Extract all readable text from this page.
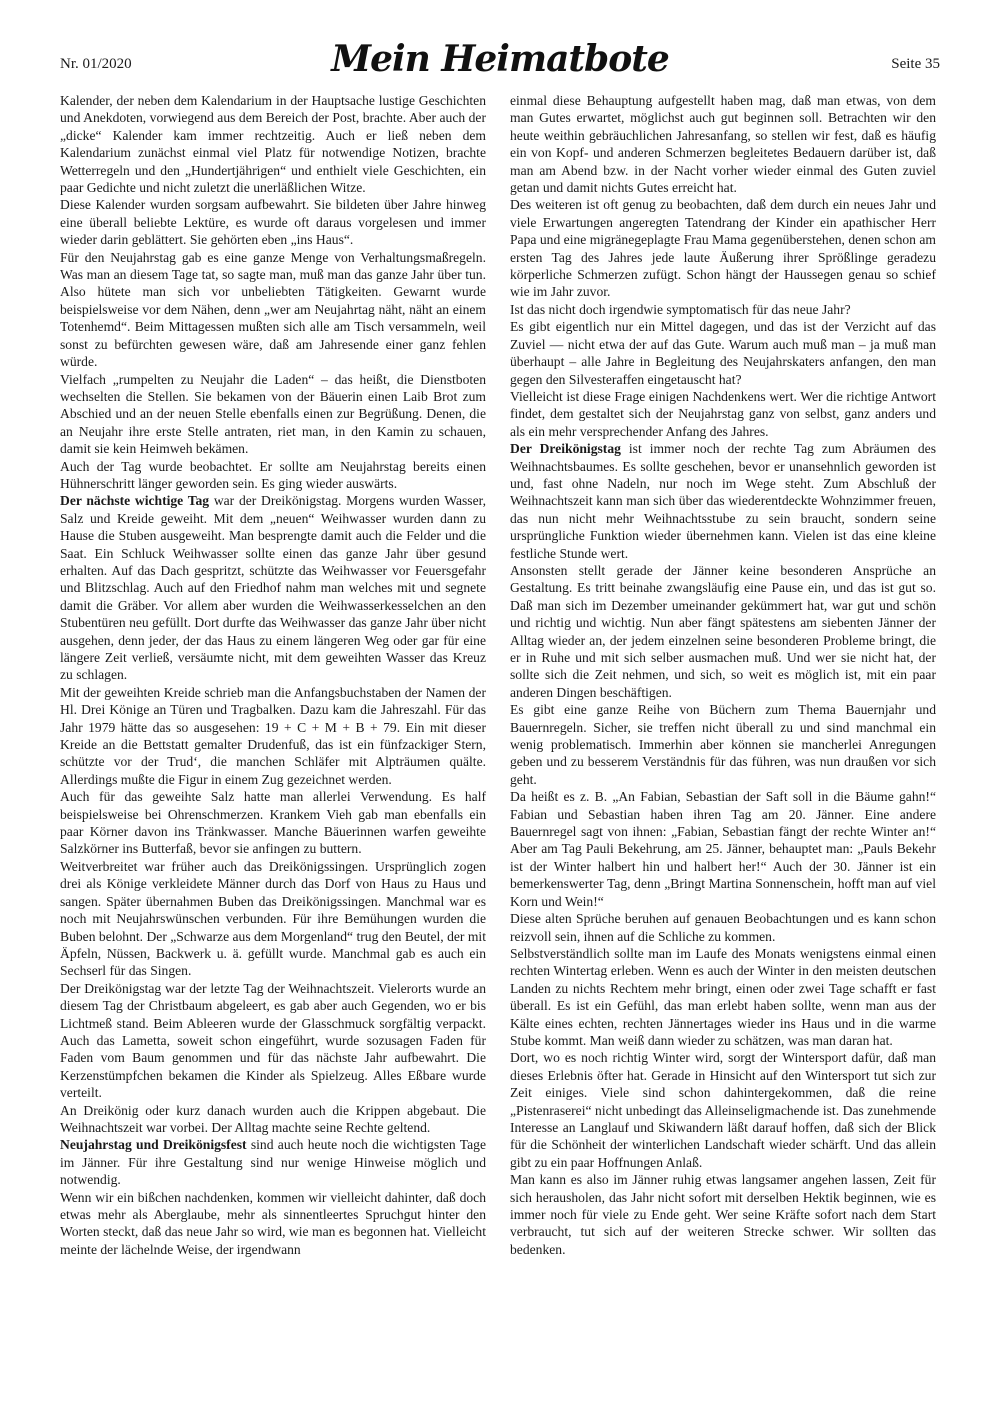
Nr. 01/2020	Mein Heimatbote	Seite 35

Kalender, der neben dem Kalendarium in der Hauptsache lustige Geschichten und Anekdoten, vorwiegend aus dem Bereich der Post, brachte. Aber auch der „dicke“ Kalender kam immer rechtzeitig. Auch er ließ neben dem Kalendarium zunächst einmal viel Platz für notwendige Notizen, brachte Wetterregeln und den „Hundertjährigen“ und enthielt viele Geschichten, ein paar Gedichte und nicht zuletzt die unerläßlichen Witze.

Diese Kalender wurden sorgsam aufbewahrt. Sie bildeten über Jahre hinweg eine überall beliebte Lektüre, es wurde oft daraus vorgelesen und immer wieder darin geblättert. Sie gehörten eben „ins Haus“.

Für den Neujahrstag gab es eine ganze Menge von Verhaltungsmaßregeln. Was man an diesem Tage tat, so sagte man, muß man das ganze Jahr über tun. Also hütete man sich vor unbeliebten Tätigkeiten. Gewarnt wurde beispielsweise vor dem Nähen, denn „wer am Neujahrtag näht, näht an einem Totenhemd“. Beim Mittagessen mußten sich alle am Tisch versammeln, weil sonst zu befürchten gewesen wäre, daß am Jahresende einer ganz fehlen würde.

Vielfach „rumpelten zu Neujahr die Laden“ – das heißt, die Dienstboten wechselten die Stellen. Sie bekamen von der Bäuerin einen Laib Brot zum Abschied und an der neuen Stelle ebenfalls einen zur Begrüßung. Denen, die an Neujahr ihre erste Stelle antraten, riet man, in den Kamin zu schauen, damit sie kein Heimweh bekämen.

Auch der Tag wurde beobachtet. Er sollte am Neujahrstag bereits einen Hühnerschritt länger geworden sein. Es ging wieder auswärts.

Der nächste wichtige Tag war der Dreikönigstag. Morgens wurden Wasser, Salz und Kreide geweiht. Mit dem „neuen“ Weihwasser wurden dann zu Hause die Stuben ausgeweiht. Man besprengte damit auch die Felder und die Saat. Ein Schluck Weihwasser sollte einen das ganze Jahr über gesund erhalten. Auf das Dach gespritzt, schützte das Weihwasser vor Feuersgefahr und Blitzschlag. Auch auf den Friedhof nahm man welches mit und segnete damit die Gräber. Vor allem aber wurden die Weihwasserkesselchen an den Stubentüren neu gefüllt. Dort durfte das Weihwasser das ganze Jahr über nicht ausgehen, denn jeder, der das Haus zu einem längeren Weg oder gar für eine längere Zeit verließ, versäumte nicht, mit dem geweihten Wasser das Kreuz zu schlagen.

Mit der geweihten Kreide schrieb man die Anfangsbuchstaben der Namen der Hl. Drei Könige an Türen und Tragbalken. Dazu kam die Jahreszahl. Für das Jahr 1979 hätte das so ausgesehen: 19 + C + M + B + 79. Ein mit dieser Kreide an die Bettstatt gemalter Drudenfuß, das ist ein fünfzackiger Stern, schützte vor der Trud‘, die manchen Schläfer mit Alpträumen quälte. Allerdings mußte die Figur in einem Zug gezeichnet werden.

Auch für das geweihte Salz hatte man allerlei Verwendung. Es half beispielsweise bei Ohrenschmerzen. Krankem Vieh gab man ebenfalls ein paar Körner davon ins Tränkwasser. Manche Bäuerinnen warfen geweihte Salzkörner ins Butterfaß, bevor sie anfingen zu buttern.

Weitverbreitet war früher auch das Dreikönigssingen. Ursprünglich zogen drei als Könige verkleidete Männer durch das Dorf von Haus zu Haus und sangen. Später übernahmen Buben das Dreikönigssingen. Manchmal war es noch mit Neujahrswünschen verbunden. Für ihre Bemühungen wurden die Buben belohnt. Der „Schwarze aus dem Morgenland“ trug den Beutel, der mit Äpfeln, Nüssen, Backwerk u. ä. gefüllt wurde. Manchmal gab es auch ein Sechserl für das Singen.

Der Dreikönigstag war der letzte Tag der Weihnachtszeit. Vielerorts wurde an diesem Tag der Christbaum abgeleert, es gab aber auch Gegenden, wo er bis Lichtmeß stand. Beim Ableeren wurde der Glasschmuck sorgfältig verpackt. Auch das Lametta, soweit schon eingeführt, wurde sozusagen Faden für Faden vom Baum genommen und für das nächste Jahr aufbewahrt. Die Kerzenstümpfchen bekamen die Kinder als Spielzeug. Alles Eßbare wurde verteilt.

An Dreikönig oder kurz danach wurden auch die Krippen abgebaut. Die Weihnachtszeit war vorbei. Der Alltag machte seine Rechte geltend.

Neujahrstag und Dreikönigsfest sind auch heute noch die wichtigsten Tage im Jänner. Für ihre Gestaltung sind nur wenige Hinweise möglich und notwendig.

Wenn wir ein bißchen nachdenken, kommen wir vielleicht dahinter, daß doch etwas mehr als Aberglaube, mehr als sinnentleertes Spruchgut hinter den Worten steckt, daß das neue Jahr so wird, wie man es begonnen hat. Vielleicht meinte der lächelnde Weise, der irgendwann

einmal diese Behauptung aufgestellt haben mag, daß man etwas, von dem man Gutes erwartet, möglichst auch gut beginnen soll. Betrachten wir den heute weithin gebräuchlichen Jahresanfang, so stellen wir fest, daß es häufig ein von Kopf- und anderen Schmerzen begleitetes Bedauern darüber ist, daß man am Abend bzw. in der Nacht vorher wieder einmal des Guten zuviel getan und damit nichts Gutes erreicht hat.

Des weiteren ist oft genug zu beobachten, daß dem durch ein neues Jahr und viele Erwartungen angeregten Tatendrang der Kinder ein apathischer Herr Papa und eine migränegeplagte Frau Mama gegenüberstehen, denen schon am ersten Tag des Jahres jede laute Äußerung ihrer Sprößlinge geradezu körperliche Schmerzen zufügt. Schon hängt der Haussegen genau so schief wie im Jahr zuvor.

Ist das nicht doch irgendwie symptomatisch für das neue Jahr?

Es gibt eigentlich nur ein Mittel dagegen, und das ist der Verzicht auf das Zuviel — nicht etwa der auf das Gute. Warum auch muß man – ja muß man überhaupt – alle Jahre in Begleitung des Neujahrskaters anfangen, den man gegen den Silvesteraffen eingetauscht hat?

Vielleicht ist diese Frage einigen Nachdenkens wert. Wer die richtige Antwort findet, dem gestaltet sich der Neujahrstag ganz von selbst, ganz anders und als ein mehr versprechender Anfang des Jahres.

Der Dreikönigstag ist immer noch der rechte Tag zum Abräumen des Weihnachtsbaumes. Es sollte geschehen, bevor er unansehnlich geworden ist und, fast ohne Nadeln, nur noch im Wege steht. Zum Abschluß der Weihnachtszeit kann man sich über das wiederentdeckte Wohnzimmer freuen, das nun nicht mehr Weihnachtsstube zu sein braucht, sondern seine ursprüngliche Funktion wieder übernehmen kann. Vielen ist das eine kleine festliche Stunde wert.

Ansonsten stellt gerade der Jänner keine besonderen Ansprüche an Gestaltung. Es tritt beinahe zwangsläufig eine Pause ein, und das ist gut so. Daß man sich im Dezember umeinander gekümmert hat, war gut und schön und richtig und wichtig. Nun aber fängt spätestens am siebenten Jänner der Alltag wieder an, der jedem einzelnen seine besonderen Probleme bringt, die er in Ruhe und mit sich selber ausmachen muß. Und wer sie nicht hat, der sollte sich die Zeit nehmen, und sich, so weit es möglich ist, mit ein paar anderen Dingen beschäftigen.

Es gibt eine ganze Reihe von Büchern zum Thema Bauernjahr und Bauernregeln. Sicher, sie treffen nicht überall zu und sind manchmal ein wenig problematisch. Immerhin aber können sie mancherlei Anregungen geben und zu besserem Verständnis für das führen, was nun draußen vor sich geht.

Da heißt es z. B. „An Fabian, Sebastian der Saft soll in die Bäume gahn!“ Fabian und Sebastian haben ihren Tag am 20. Jänner. Eine andere Bauernregel sagt von ihnen: „Fabian, Sebastian fängt der rechte Winter an!“ Aber am Tag Pauli Bekehrung, am 25. Jänner, behauptet man: „Pauls Bekehr ist der Winter halbert hin und halbert her!“ Auch der 30. Jänner ist ein bemerkenswerter Tag, denn „Bringt Martina Sonnenschein, hofft man auf viel Korn und Wein!“

Diese alten Sprüche beruhen auf genauen Beobachtungen und es kann schon reizvoll sein, ihnen auf die Schliche zu kommen.

Selbstverständlich sollte man im Laufe des Monats wenigstens einmal einen rechten Wintertag erleben. Wenn es auch der Winter in den meisten deutschen Landen zu nichts Rechtem mehr bringt, einen oder zwei Tage schafft er fast überall. Es ist ein Gefühl, das man erlebt haben sollte, wenn man aus der Kälte eines echten, rechten Jännertages wieder ins Haus und in die warme Stube kommt. Man weiß dann wieder zu schätzen, was man daran hat.

Dort, wo es noch richtig Winter wird, sorgt der Wintersport dafür, daß man dieses Erlebnis öfter hat. Gerade in Hinsicht auf den Wintersport tut sich zur Zeit einiges. Viele sind schon dahintergekommen, daß die reine „Pistenraserei“ nicht unbedingt das Alleinseligmachende ist. Das zunehmende Interesse an Langlauf und Skiwandern läßt darauf hoffen, daß sich der Blick für die Schönheit der winterlichen Landschaft wieder schärft. Und das allein gibt zu ein paar Hoffnungen Anlaß.

Man kann es also im Jänner ruhig etwas langsamer angehen lassen, Zeit für sich herausholen, das Jahr nicht sofort mit derselben Hektik beginnen, wie es immer noch für viele zu Ende geht. Wer seine Kräfte sofort nach dem Start verbraucht, tut sich auf der weiteren Strecke schwer. Wir sollten das bedenken.
